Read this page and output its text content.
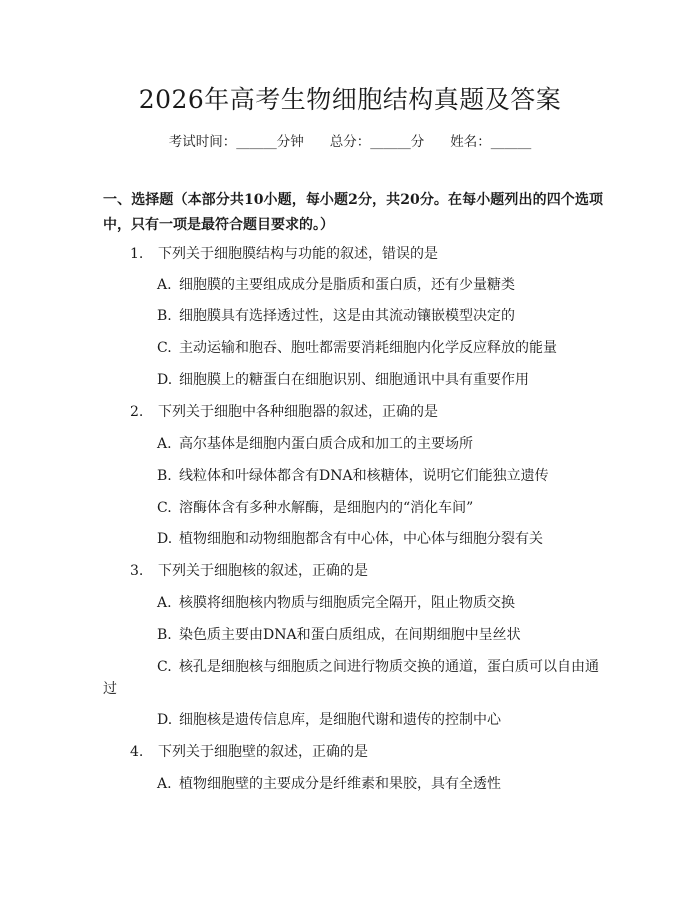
2026年高考生物细胞结构真题及答案
考试时间：______分钟 总分：______分 姓名：______
一、选择题（本部分共10小题，每小题2分，共20分。在每小题列出的四个选项中，只有一项是最符合题目要求的。）
1. 下列关于细胞膜结构与功能的叙述，错误的是
A. 细胞膜的主要组成成分是脂质和蛋白质，还有少量糖类
B. 细胞膜具有选择透过性，这是由其流动镶嵌模型决定的
C. 主动运输和胞吞、胞吐都需要消耗细胞内化学反应释放的能量
D. 细胞膜上的糖蛋白在细胞识别、细胞通讯中具有重要作用
2. 下列关于细胞中各种细胞器的叙述，正确的是
A. 高尔基体是细胞内蛋白质合成和加工的主要场所
B. 线粒体和叶绿体都含有DNA和核糖体，说明它们能独立遗传
C. 溶酶体含有多种水解酶，是细胞内的“消化车间”
D. 植物细胞和动物细胞都含有中心体，中心体与细胞分裂有关
3. 下列关于细胞核的叙述，正确的是
A. 核膜将细胞核内物质与细胞质完全隔开，阻止物质交换
B. 染色质主要由DNA和蛋白质组成，在间期细胞中呈丝状
C. 核孔是细胞核与细胞质之间进行物质交换的通道，蛋白质可以自由通
过
D. 细胞核是遗传信息库，是细胞代谢和遗传的控制中心
4. 下列关于细胞壁的叙述，正确的是
A. 植物细胞壁的主要成分是纤维素和果胶，具有全透性
